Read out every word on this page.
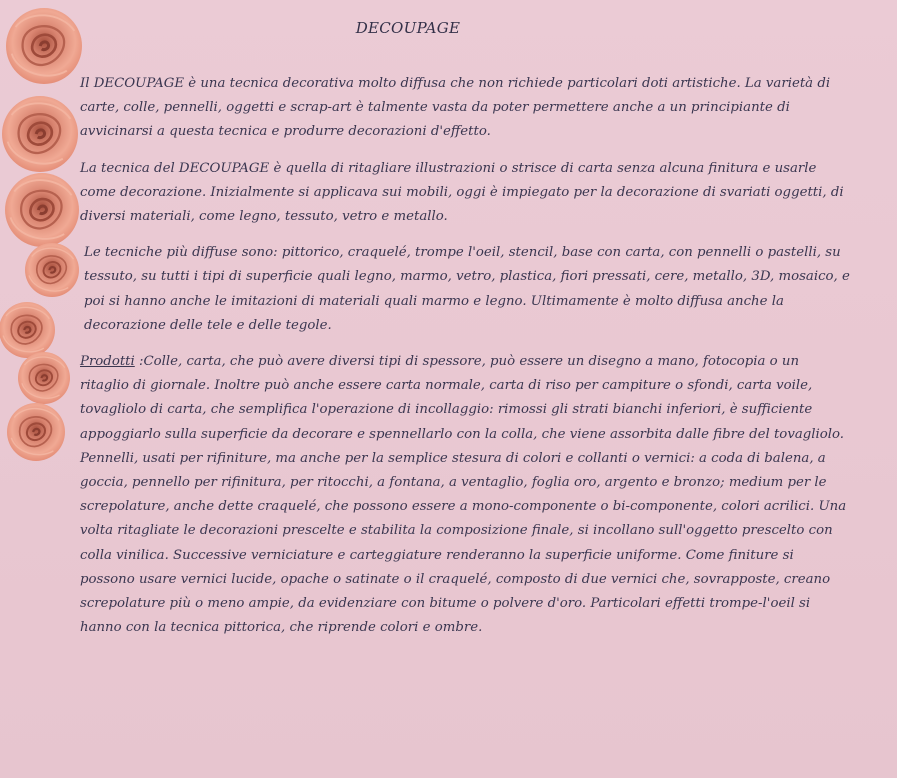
DECOUPAGE

Il DECOUPAGE è una tecnica decorativa molto diffusa che non richiede particolari doti artistiche. La varietà di carte, colle, pennelli, oggetti e scrap-art è talmente vasta da poter permettere anche a un principiante di avvicinarsi a questa tecnica e produrre decorazioni d'effetto.

La tecnica del DECOUPAGE è quella di ritagliare illustrazioni o strisce di carta senza alcuna finitura e usarle come decorazione. Inizialmente si applicava sui mobili, oggi è impiegato per la decorazione di svariati oggetti, di diversi materiali, come legno, tessuto, vetro e metallo.

Le tecniche più diffuse sono: pittorico, craquelé, trompe l'oeil, stencil, base con carta, con pennelli o pastelli, su tessuto, su tutti i tipi di superficie quali legno, marmo, vetro, plastica, fiori pressati, cere, metallo, 3D, mosaico, e poi si hanno anche le imitazioni di materiali quali marmo e legno. Ultimamente è molto diffusa anche la decorazione delle tele e delle tegole.

Prodotti :Colle, carta, che può avere diversi tipi di spessore, può essere un disegno a mano, fotocopia o un ritaglio di giornale. Inoltre può anche essere carta normale, carta di riso per campiture o sfondi, carta voile, tovagliolo di carta, che semplifica l'operazione di incollaggio: rimossi gli strati bianchi inferiori, è sufficiente appoggiarlo sulla superficie da decorare e spennellarlo con la colla, che viene assorbita dalle fibre del tovagliolo. Pennelli, usati per rifiniture, ma anche per la semplice stesura di colori e collanti o vernici: a coda di balena, a goccia, pennello per rifinitura, per ritocchi, a fontana, a ventaglio, foglia oro, argento e bronzo; medium per le screpolature, anche dette craquelé, che possono essere a mono-componente o bi-componente, colori acrilici. Una volta ritagliate le decorazioni prescelte e stabilita la composizione finale, si incollano sull'oggetto prescelto con colla vinilica. Successive verniciature e carteggiature renderanno la superficie uniforme. Come finiture si possono usare vernici lucide, opache o satinate o il craquelé, composto di due vernici che, sovrapposte, creano screpolature più o meno ampie, da evidenziare con bitume o polvere d'oro. Particolari effetti trompe-l'oeil si hanno con la tecnica pittorica, che riprende colori e ombre.
